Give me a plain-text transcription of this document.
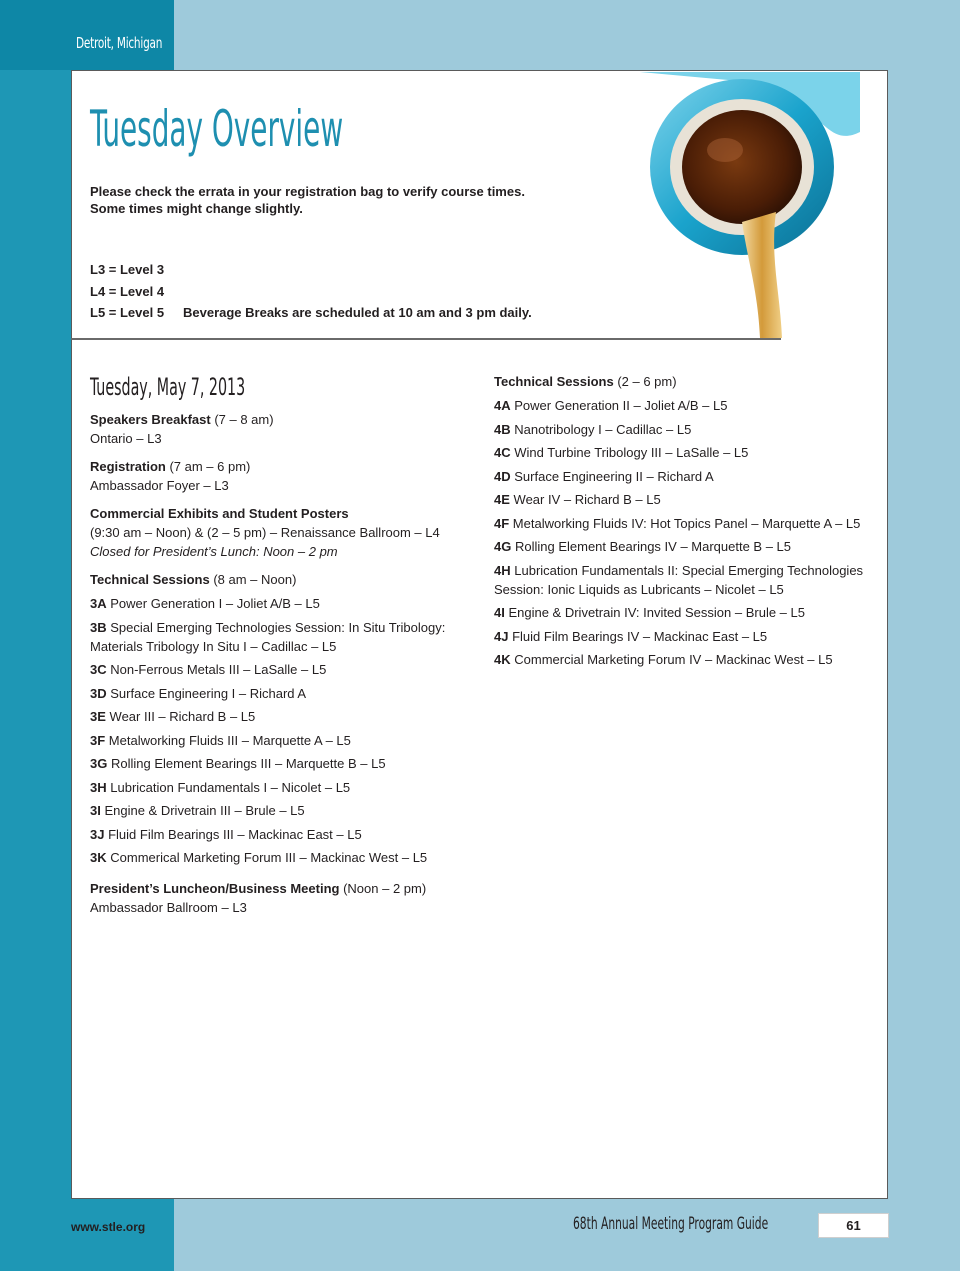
Detroit, Michigan
Tuesday Overview
Please check the errata in your registration bag to verify course times.
Some times might change slightly.
L3 = Level 3
L4 = Level 4
L5 = Level 5	Beverage Breaks are scheduled at 10 am and 3 pm daily.
Tuesday, May 7, 2013
Speakers Breakfast (7 – 8 am)
Ontario – L3
Registration (7 am – 6 pm)
Ambassador Foyer – L3
Commercial Exhibits and Student Posters
(9:30 am – Noon) & (2 – 5 pm) – Renaissance Ballroom – L4
Closed for President’s Lunch: Noon – 2 pm
Technical Sessions (8 am – Noon)
3A Power Generation I – Joliet A/B – L5
3B Special Emerging Technologies Session: In Situ Tribology: Materials Tribology In Situ I – Cadillac – L5
3C Non-Ferrous Metals III – LaSalle – L5
3D Surface Engineering I – Richard A
3E Wear III – Richard B – L5
3F Metalworking Fluids III – Marquette A – L5
3G Rolling Element Bearings III – Marquette B – L5
3H Lubrication Fundamentals I – Nicolet – L5
3I Engine & Drivetrain III – Brule – L5
3J Fluid Film Bearings III – Mackinac East – L5
3K Commerical Marketing Forum III – Mackinac West – L5
President’s Luncheon/Business Meeting (Noon – 2 pm)
Ambassador Ballroom – L3
Technical Sessions (2 – 6 pm)
4A Power Generation II – Joliet A/B – L5
4B Nanotribology I – Cadillac – L5
4C Wind Turbine Tribology III – LaSalle – L5
4D Surface Engineering II – Richard A
4E Wear IV – Richard B – L5
4F Metalworking Fluids IV: Hot Topics Panel – Marquette A – L5
4G Rolling Element Bearings IV – Marquette B – L5
4H Lubrication Fundamentals II: Special Emerging Technologies Session: Ionic Liquids as Lubricants – Nicolet – L5
4I Engine & Drivetrain IV: Invited Session – Brule – L5
4J Fluid Film Bearings IV – Mackinac East – L5
4K Commercial Marketing Forum IV – Mackinac West – L5
www.stle.org	68th Annual Meeting Program Guide	61
